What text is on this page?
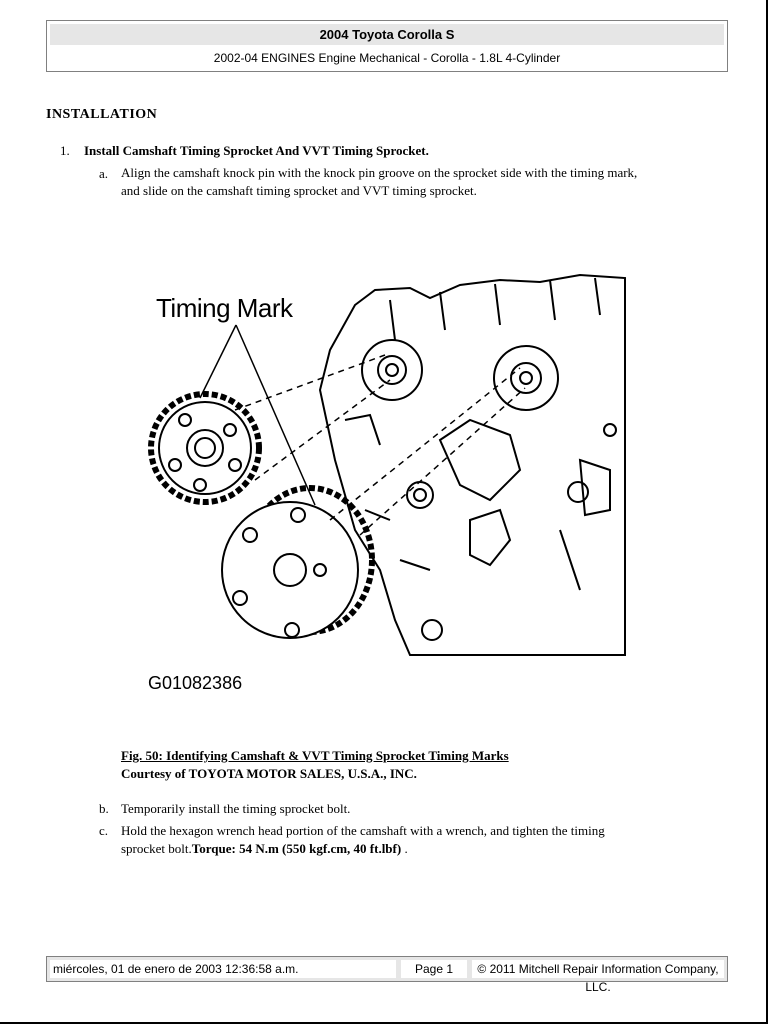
2004 Toyota Corolla S
2002-04 ENGINES Engine Mechanical - Corolla - 1.8L 4-Cylinder
INSTALLATION
1. Install Camshaft Timing Sprocket And VVT Timing Sprocket.
a. Align the camshaft knock pin with the knock pin groove on the sprocket side with the timing mark,
and slide on the camshaft timing sprocket and VVT timing sprocket.
Timing Mark
G01082386
Fig. 50: Identifying Camshaft & VVT Timing Sprocket Timing Marks
Courtesy of TOYOTA MOTOR SALES, U.S.A., INC.
b. Temporarily install the timing sprocket bolt.
c. Hold the hexagon wrench head portion of the camshaft with a wrench, and tighten the timing
sprocket bolt.Torque: 54 N.m (550 kgf.cm, 40 ft.lbf) .
miércoles, 01 de enero de 2003 12:36:58 a.m.	Page 1	© 2011 Mitchell Repair Information Company, LLC.
